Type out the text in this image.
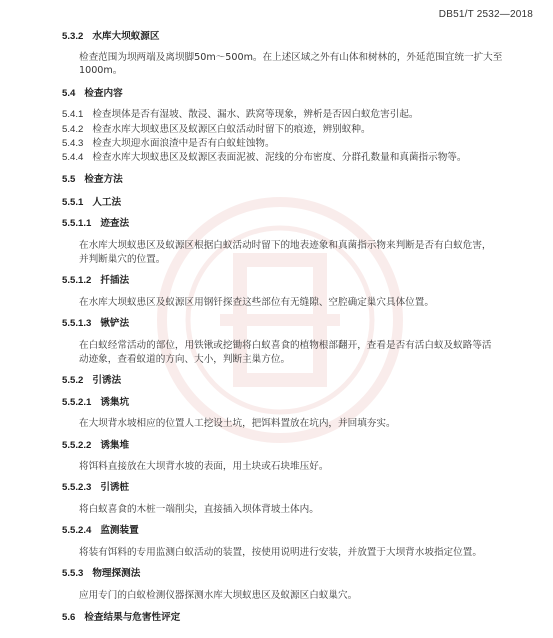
DB51/T 2532—2018
5.3.2 水库大坝蚁源区
检查范围为坝两端及离坝脚50m～500m。在上述区域之外有山体和树林的，外延范围宜统一扩大至
1000m。
5.4 检查内容
5.4.1 检查坝体是否有湿坡、散浸、漏水、跌窝等现象，辨析是否因白蚁危害引起。
5.4.2 检查水库大坝蚁患区及蚁源区白蚁活动时留下的痕迹，辨别蚁种。
5.4.3 检查大坝迎水面浪渣中是否有白蚁蛀蚀物。
5.4.4 检查水库大坝蚁患区及蚁源区表面泥被、泥线的分布密度、分群孔数量和真菌指示物等。
5.5 检查方法
5.5.1 人工法
5.5.1.1 迹查法
在水库大坝蚁患区及蚁源区根据白蚁活动时留下的地表迹象和真菌指示物来判断是否有白蚁危害，
并判断巢穴的位置。
5.5.1.2 扦插法
在水库大坝蚁患区及蚁源区用钢钎探查这些部位有无缝隙、空腔确定巢穴具体位置。
5.5.1.3 锹铲法
在白蚁经常活动的部位，用铁锹或挖锄将白蚁喜食的植物根部翻开，查看是否有活白蚁及蚁路等活
动迹象，查看蚁道的方向、大小，判断主巢方位。
5.5.2 引诱法
5.5.2.1 诱集坑
在大坝背水坡相应的位置人工挖设土坑，把饵料置放在坑内，并回填夯实。
5.5.2.2 诱集堆
将饵料直接放在大坝背水坡的表面，用土块或石块堆压好。
5.5.2.3 引诱桩
将白蚁喜食的木桩一端削尖，直接插入坝体背坡土体内。
5.5.2.4 监测装置
将装有饵料的专用监测白蚁活动的装置，按使用说明进行安装，并放置于大坝背水坡指定位置。
5.5.3 物理探测法
应用专门的白蚁检测仪器探测水库大坝蚁患区及蚁源区白蚁巢穴。
5.6 检查结果与危害性评定
